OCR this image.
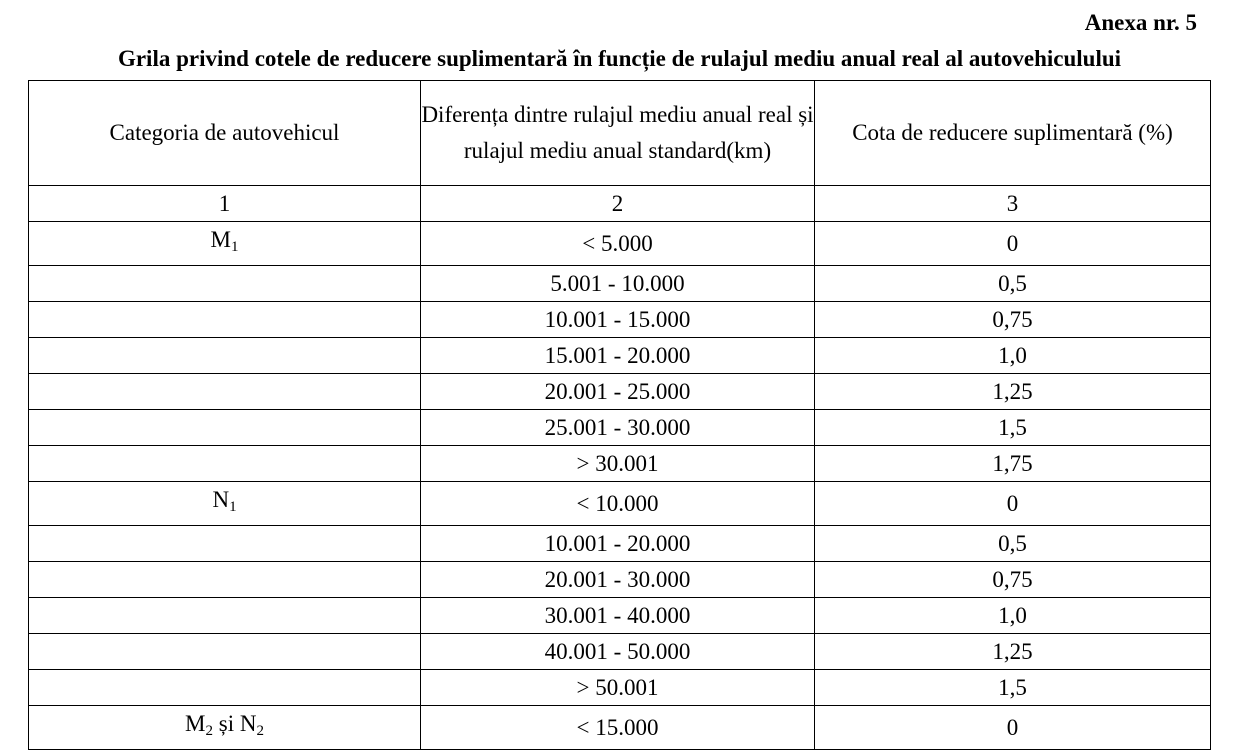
Anexa nr. 5

Grila privind cotele de reducere suplimentară în funcție de rulajul mediu anual real al autovehiculului

Categoria de autovehicul	Diferența dintre rulajul mediu anual real și rulajul mediu anual standard(km)	Cota de reducere suplimentară (%)
1	2	3
$M_1$	< 5.000	0
	5.001 - 10.000	0,5
	10.001 - 15.000	0,75
	15.001 - 20.000	1,0
	20.001 - 25.000	1,25
	25.001 - 30.000	1,5
	> 30.001	1,75
$N_1$	< 10.000	0
	10.001 - 20.000	0,5
	20.001 - 30.000	0,75
	30.001 - 40.000	1,0
	40.001 - 50.000	1,25
	> 50.001	1,5
$M_2$ și $N_2$	< 15.000	0
